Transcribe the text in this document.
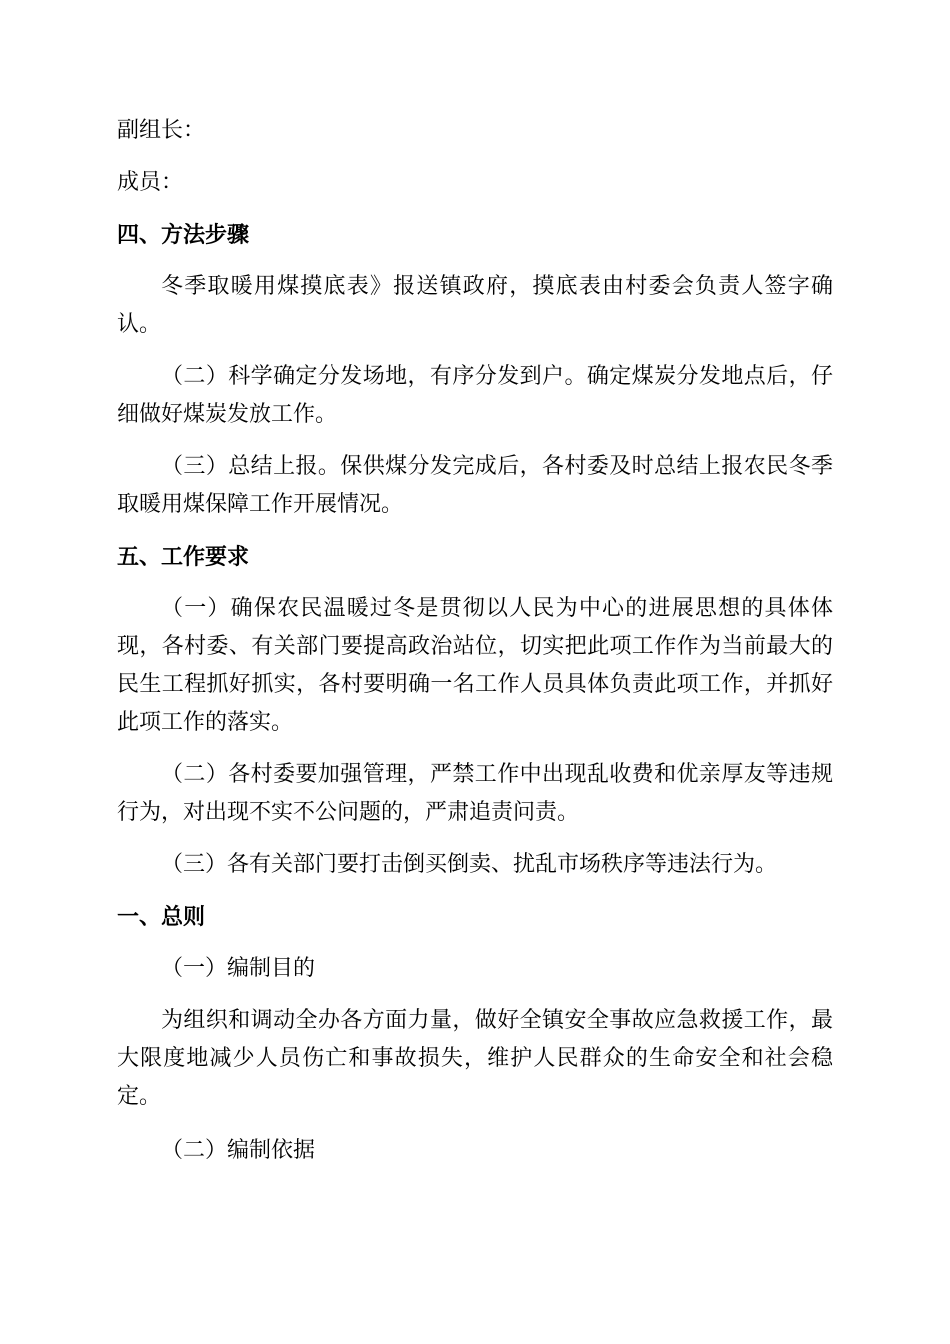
副组长：

成员：

四、方法步骤

冬季取暖用煤摸底表》报送镇政府，摸底表由村委会负责人签字确认。

（二）科学确定分发场地，有序分发到户。确定煤炭分发地点后，仔细做好煤炭发放工作。

（三）总结上报。保供煤分发完成后，各村委及时总结上报农民冬季取暖用煤保障工作开展情况。

五、工作要求

（一）确保农民温暖过冬是贯彻以人民为中心的进展思想的具体体现，各村委、有关部门要提高政治站位，切实把此项工作作为当前最大的民生工程抓好抓实，各村要明确一名工作人员具体负责此项工作，并抓好此项工作的落实。

（二）各村委要加强管理，严禁工作中出现乱收费和优亲厚友等违规行为，对出现不实不公问题的，严肃追责问责。

（三）各有关部门要打击倒买倒卖、扰乱市场秩序等违法行为。

一、总则

（一）编制目的

为组织和调动全办各方面力量，做好全镇安全事故应急救援工作，最大限度地减少人员伤亡和事故损失，维护人民群众的生命安全和社会稳定。

（二）编制依据
